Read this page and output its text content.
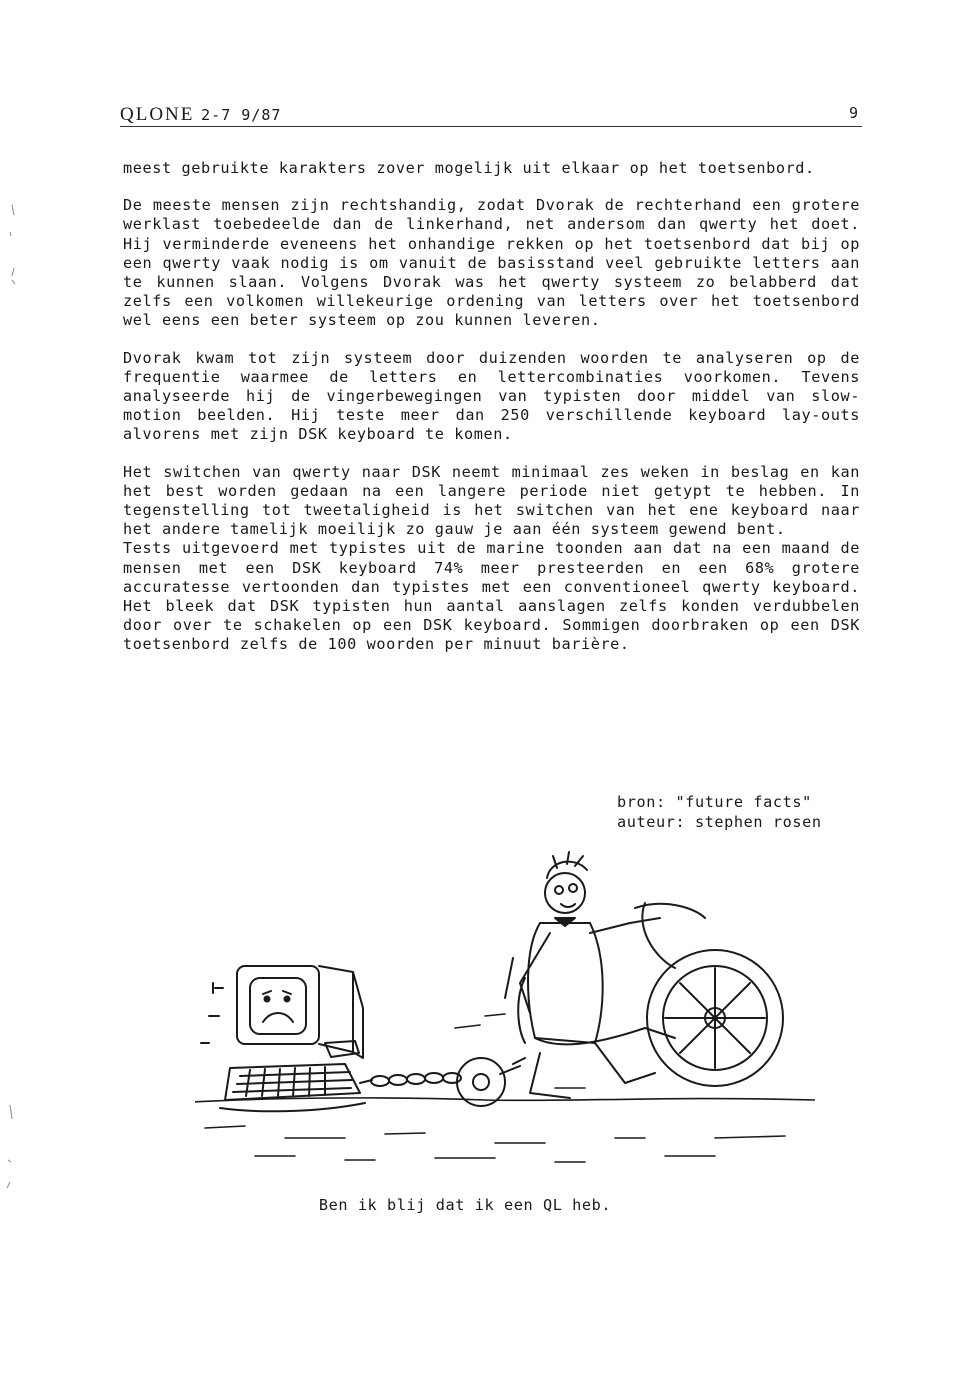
QLONE 2-7 9/87	9

meest gebruikte karakters zover mogelijk uit elkaar op het toetsenbord.

De meeste mensen zijn rechtshandig, zodat Dvorak de rechterhand een grotere werklast toebedeelde dan de linkerhand, net andersom dan qwerty het doet. Hij verminderde eveneens het onhandige rekken op het toetsenbord dat bij op een qwerty vaak nodig is om vanuit de basisstand veel gebruikte letters aan te kunnen slaan. Volgens Dvorak was het qwerty systeem zo belabberd dat zelfs een volkomen willekeurige ordening van letters over het toetsenbord wel eens een beter systeem op zou kunnen leveren.

Dvorak kwam tot zijn systeem door duizenden woorden te analyseren op de frequentie waarmee de letters en lettercombinaties voorkomen. Tevens analyseerde hij de vingerbewegingen van typisten door middel van slow-motion beelden. Hij teste meer dan 250 verschillende keyboard lay-outs alvorens met zijn DSK keyboard te komen.

Het switchen van qwerty naar DSK neemt minimaal zes weken in beslag en kan het best worden gedaan na een langere periode niet getypt te hebben. In tegenstelling tot tweetaligheid is het switchen van het ene keyboard naar het andere tamelijk moeilijk zo gauw je aan één systeem gewend bent.

Tests uitgevoerd met typistes uit de marine toonden aan dat na een maand de mensen met een DSK keyboard 74% meer presteerden en een 68% grotere accuratesse vertoonden dan typistes met een conventioneel qwerty keyboard. Het bleek dat DSK typisten hun aantal aanslagen zelfs konden verdubbelen door over te schakelen op een DSK keyboard. Sommigen doorbraken op een DSK toetsenbord zelfs de 100 woorden per minuut barière.

bron: "future facts"
auteur: stephen rosen
Ben ik blij dat ik een QL heb.
